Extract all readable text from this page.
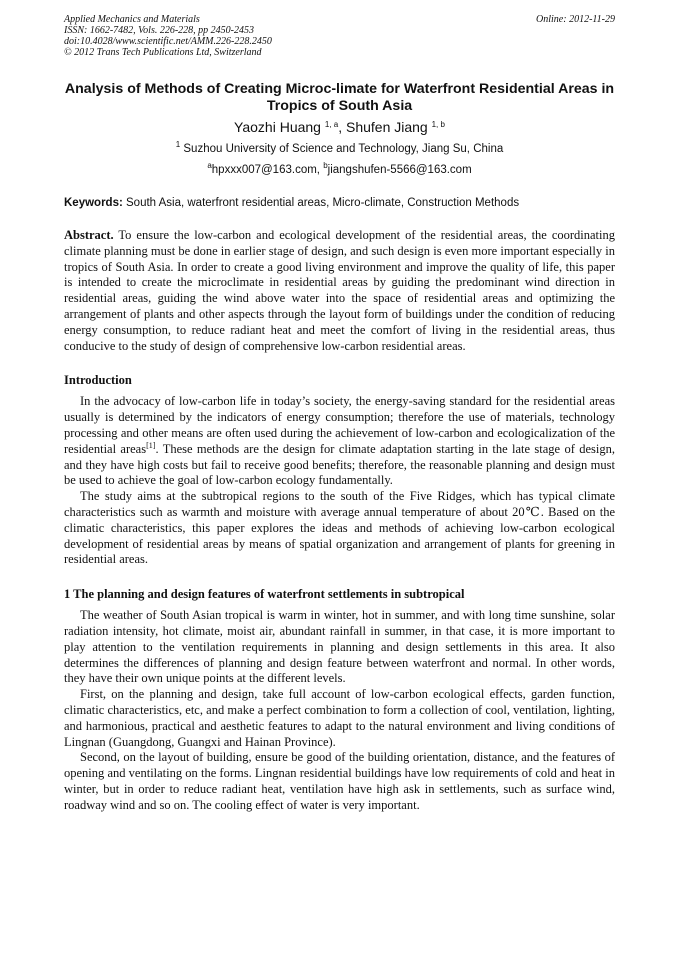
Applied Mechanics and Materials
ISSN: 1662-7482, Vols. 226-228, pp 2450-2453
doi:10.4028/www.scientific.net/AMM.226-228.2450
© 2012 Trans Tech Publications Ltd, Switzerland
Online: 2012-11-29
Analysis of Methods of Creating Microc-limate for Waterfront Residential Areas in Tropics of South Asia
Yaozhi Huang $^{1, a}$, Shufen Jiang $^{1, b}$
$^1$ Suzhou University of Science and Technology, Jiang Su, China
$^a$hpxxx007@163.com, $^b$jiangshufen-5566@163.com
Keywords: South Asia, waterfront residential areas, Micro-climate, Construction Methods

Abstract. To ensure the low-carbon and ecological development of the residential areas, the coordinating climate planning must be done in earlier stage of design, and such design is even more important especially in tropics of South Asia. In order to create a good living environment and improve the quality of life, this paper is intended to create the microclimate in residential areas by guiding the predominant wind direction in residential areas, guiding the wind above water into the space of residential areas and optimizing the arrangement of plants and other aspects through the layout form of buildings under the condition of reducing energy consumption, to reduce radiant heat and meet the comfort of living in the residential areas, thus conducive to the study of design of comprehensive low-carbon residential areas.

Introduction

In the advocacy of low-carbon life in today’s society, the energy-saving standard for the residential areas usually is determined by the indicators of energy consumption; therefore the use of materials, technology processing and other means are often used during the achievement of low-carbon and ecologicalization of the residential areas[1]. These methods are the design for climate adaptation starting in the late stage of design, and they have high costs but fail to receive good benefits; therefore, the reasonable planning and design must be used to achieve the goal of low-carbon ecology fundamentally.

The study aims at the subtropical regions to the south of the Five Ridges, which has typical climate characteristics such as warmth and moisture with average annual temperature of about 20℃. Based on the climatic characteristics, this paper explores the ideas and methods of achieving low-carbon ecological development of residential areas by means of spatial organization and arrangement of plants for greening in residential areas.

1 The planning and design features of waterfront settlements in subtropical

The weather of South Asian tropical is warm in winter, hot in summer, and with long time sunshine, solar radiation intensity, hot climate, moist air, abundant rainfall in summer, in that case, it is more important to play attention to the ventilation requirements in planning and design settlements in this area. It also determines the differences of planning and design feature between waterfront and normal. In other words, they have their own unique points at the different levels.

First, on the planning and design, take full account of low-carbon ecological effects, garden function, climatic characteristics, etc, and make a perfect combination to form a collection of cool, ventilation, lighting, and harmonious, practical and aesthetic features to adapt to the natural environment and living conditions of Lingnan (Guangdong, Guangxi and Hainan Province).

Second, on the layout of building, ensure be good of the building orientation, distance, and the features of opening and ventilating on the forms. Lingnan residential buildings have low requirements of cold and heat in winter, but in order to reduce radiant heat, ventilation have high ask in settlements, such as surface wind, roadway wind and so on. The cooling effect of water is very important.
